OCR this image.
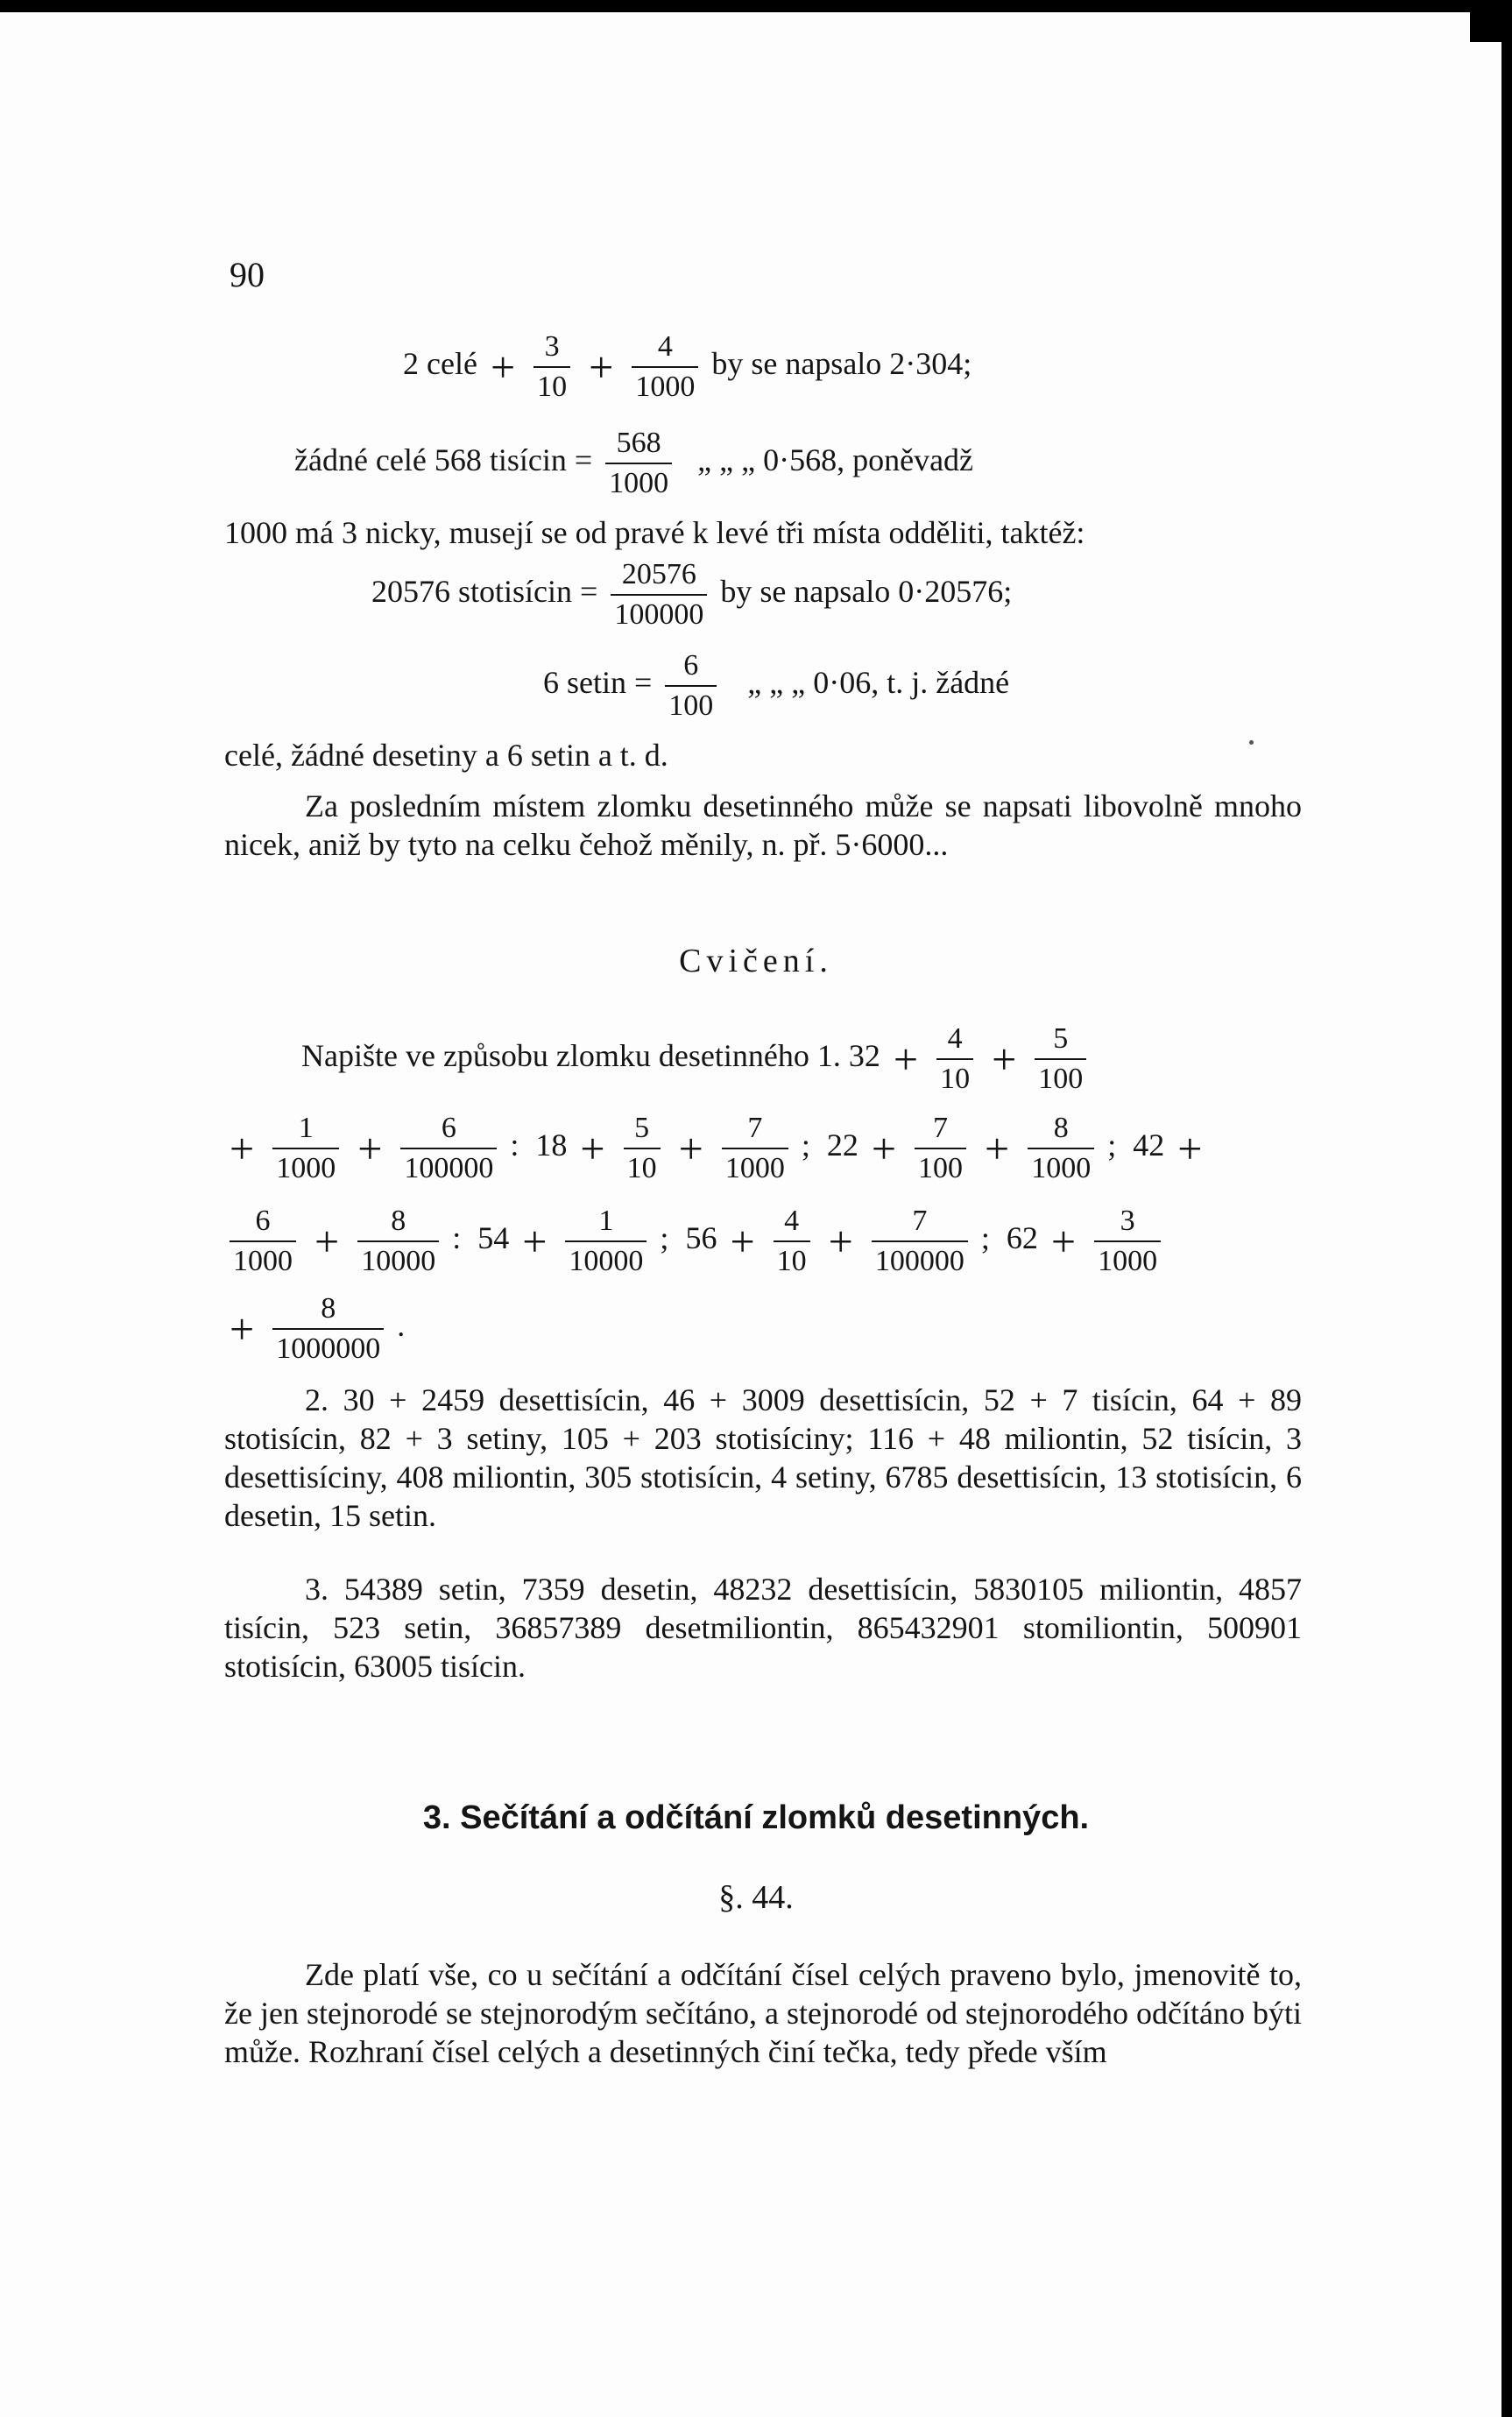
90
2 celé + $\frac{3}{10} + \frac{4}{1000}$ by se napsalo 2·304;
žádné celé 568 tisícin = $\frac{568}{1000}$ „ „ „ 0·568, poněvadž
1000 má 3 nicky, musejí se od pravé k levé tři místa odděliti, taktéž:
20576 stotisícin = $\frac{20576}{100000}$ by se napsalo 0·20576;
6 setin = $\frac{6}{100}$ „ „ „ 0·06, t. j. žádné
celé, žádné desetiny a 6 setin a t. d.
Za posledním místem zlomku desetinného může se napsati libovolně mnoho nicek, aniž by tyto na celku čehož měnily, n. př. 5·6000...
Cvičení.
Napište ve způsobu zlomku desetinného 1. $32 + \frac{4}{10} + \frac{5}{100}$
+ $\frac{1}{1000} + \frac{6}{100000}$ : $18 + \frac{5}{10} + \frac{7}{1000}$ ; $22 + \frac{7}{100} + \frac{8}{1000}$ ; 42 +
$\frac{6}{1000} + \frac{8}{10000}$ : $54 + \frac{1}{10000}$ ; $56 + \frac{4}{10} + \frac{7}{100000}$ ; $62 + \frac{3}{1000}$
+ $\frac{8}{1000000}$ .
2. 30 + 2459 desettisícin, 46 + 3009 desettisícin, 52 + 7 tisícin, 64 + 89 stotisícin, 82 + 3 setiny, 105 + 203 stotisíciny; 116 + 48 miliontin, 52 tisícin, 3 desettisíciny, 408 miliontin, 305 stotisícin, 4 setiny, 6785 desettisícin, 13 stotisícin, 6 desetin, 15 setin.
3. 54389 setin, 7359 desetin, 48232 desettisícin, 5830105 miliontin, 4857 tisícin, 523 setin, 36857389 desetmiliontin, 865432901 stomiliontin, 500901 stotisícin, 63005 tisícin.
3. Sečítání a odčítání zlomků desetinných.
§. 44.
Zde platí vše, co u sečítání a odčítání čísel celých praveno bylo, jmenovitě to, že jen stejnorodé se stejnorodým sečítáno, a stejnorodé od stejnorodého odčítáno býti může. Rozhraní čísel celých a desetinných činí tečka, tedy přede vším
